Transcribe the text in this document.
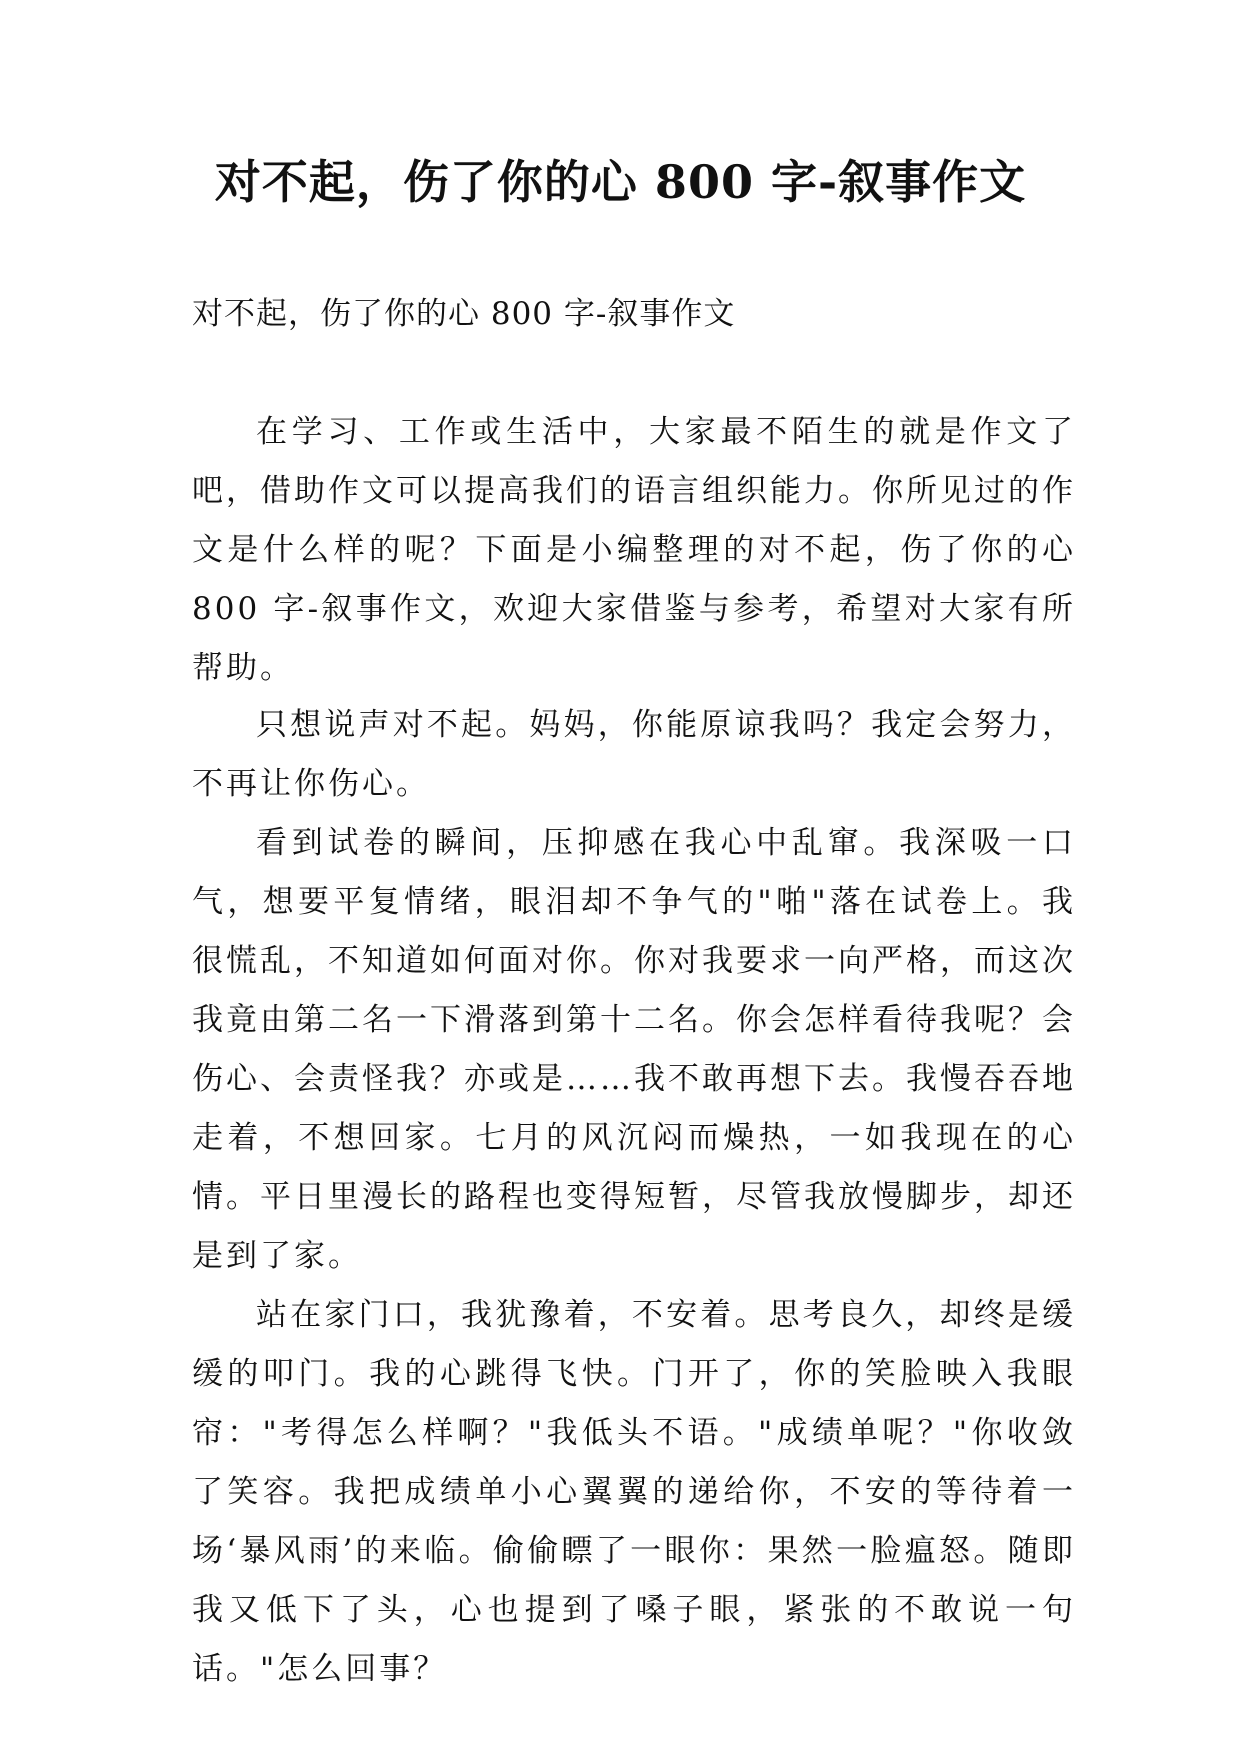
对不起，伤了你的心 800 字-叙事作文
对不起，伤了你的心 800 字-叙事作文

在学习、工作或生活中，大家最不陌生的就是作文了吧，借助作文可以提高我们的语言组织能力。你所见过的作文是什么样的呢？下面是小编整理的对不起，伤了你的心 800 字-叙事作文，欢迎大家借鉴与参考，希望对大家有所帮助。

只想说声对不起。妈妈，你能原谅我吗？我定会努力，不再让你伤心。

看到试卷的瞬间，压抑感在我心中乱窜。我深吸一口气，想要平复情绪，眼泪却不争气的"啪"落在试卷上。我很慌乱，不知道如何面对你。你对我要求一向严格，而这次我竟由第二名一下滑落到第十二名。你会怎样看待我呢？会伤心、会责怪我？亦或是……我不敢再想下去。我慢吞吞地走着，不想回家。七月的风沉闷而燥热，一如我现在的心情。平日里漫长的路程也变得短暂，尽管我放慢脚步，却还是到了家。

站在家门口，我犹豫着，不安着。思考良久，却终是缓缓的叩门。我的心跳得飞快。门开了，你的笑脸映入我眼帘："考得怎么样啊？"我低头不语。"成绩单呢？"你收敛了笑容。我把成绩单小心翼翼的递给你，不安的等待着一场‘暴风雨’的来临。偷偷瞟了一眼你：果然一脸瘟怒。随即我又低下了头，心也提到了嗓子眼，紧张的不敢说一句话。"怎么回事？
